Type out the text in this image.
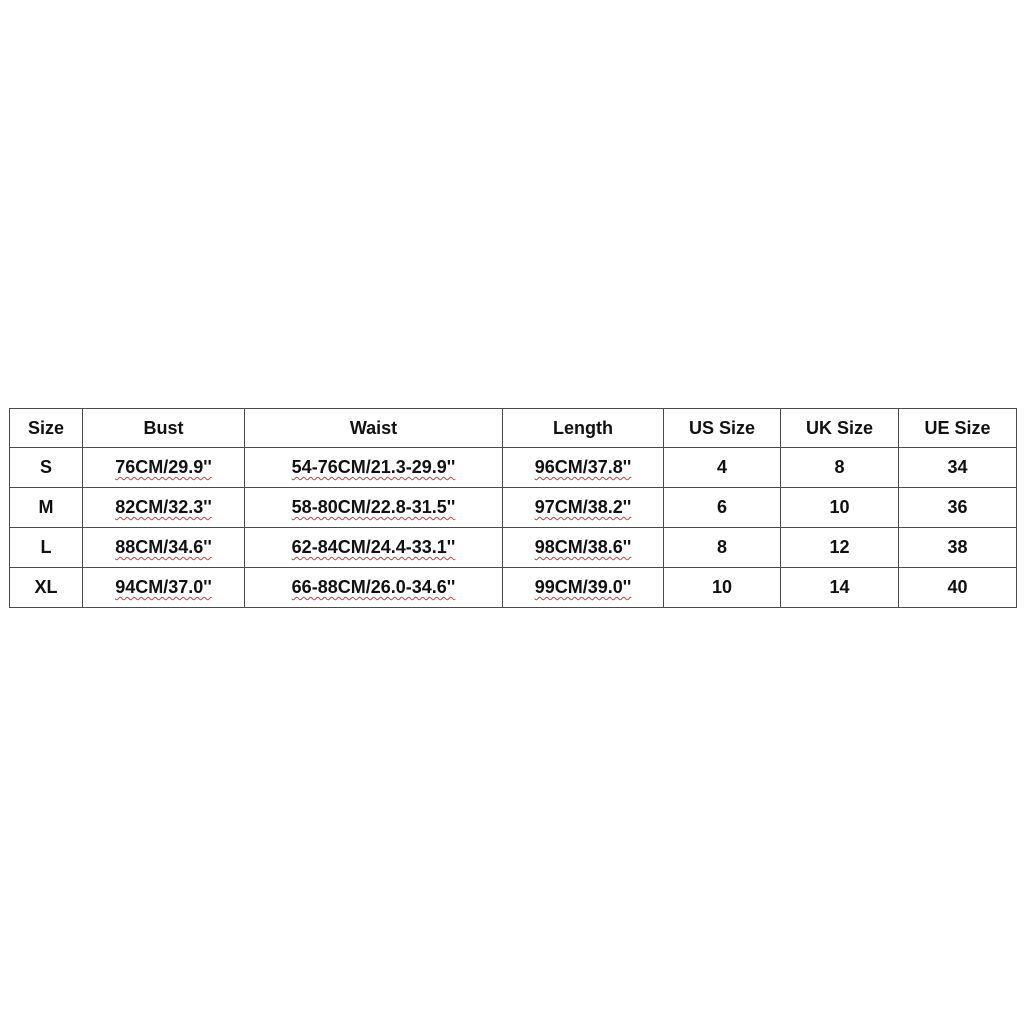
Size	Bust	Waist	Length	US Size	UK Size	UE Size
S	76CM/29.9''	54-76CM/21.3-29.9''	96CM/37.8''	4	8	34
M	82CM/32.3''	58-80CM/22.8-31.5''	97CM/38.2''	6	10	36
L	88CM/34.6''	62-84CM/24.4-33.1''	98CM/38.6''	8	12	38
XL	94CM/37.0''	66-88CM/26.0-34.6''	99CM/39.0''	10	14	40
